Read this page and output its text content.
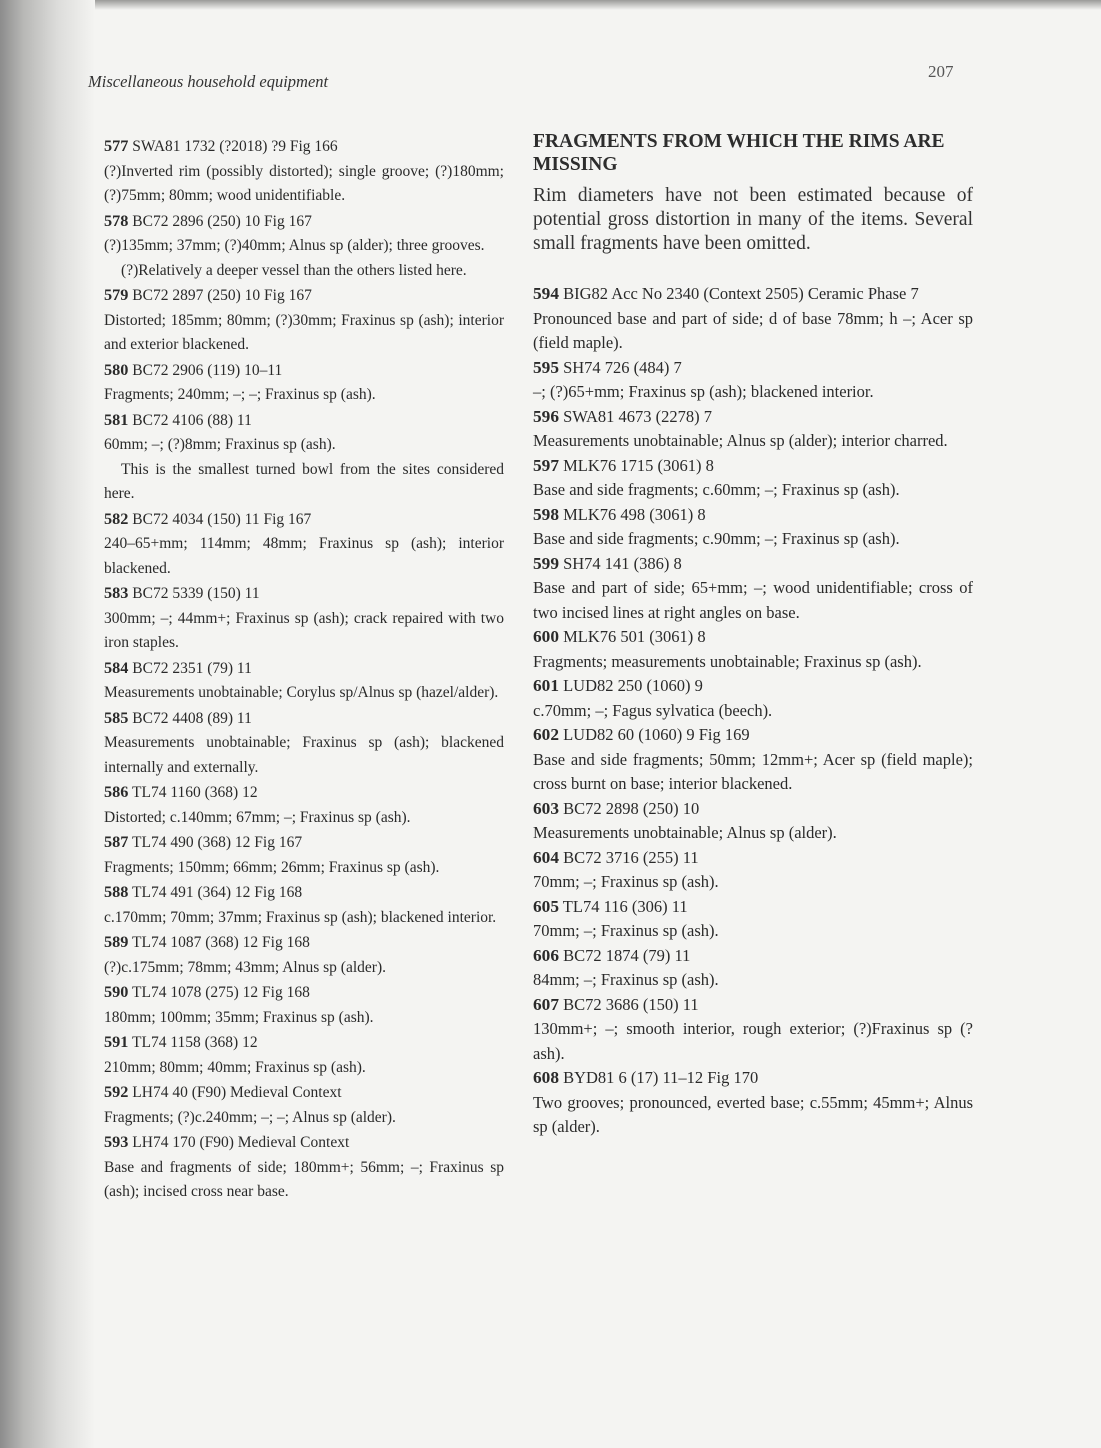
Miscellaneous household equipment
207
577 SWA81 1732 (?2018) ?9 Fig 166
(?)Inverted rim (possibly distorted); single groove; (?)180mm; (?)75mm; 80mm; wood unidentifiable.
578 BC72 2896 (250) 10 Fig 167
(?)135mm; 37mm; (?)40mm; Alnus sp (alder); three grooves.
(?)Relatively a deeper vessel than the others listed here.
579 BC72 2897 (250) 10 Fig 167
Distorted; 185mm; 80mm; (?)30mm; Fraxinus sp (ash); interior and exterior blackened.
580 BC72 2906 (119) 10–11
Fragments; 240mm; –; –; Fraxinus sp (ash).
581 BC72 4106 (88) 11
60mm; –; (?)8mm; Fraxinus sp (ash).
This is the smallest turned bowl from the sites considered here.
582 BC72 4034 (150) 11 Fig 167
240–65+mm; 114mm; 48mm; Fraxinus sp (ash); interior blackened.
583 BC72 5339 (150) 11
300mm; –; 44mm+; Fraxinus sp (ash); crack repaired with two iron staples.
584 BC72 2351 (79) 11
Measurements unobtainable; Corylus sp/Alnus sp (hazel/alder).
585 BC72 4408 (89) 11
Measurements unobtainable; Fraxinus sp (ash); blackened internally and externally.
586 TL74 1160 (368) 12
Distorted; c.140mm; 67mm; –; Fraxinus sp (ash).
587 TL74 490 (368) 12 Fig 167
Fragments; 150mm; 66mm; 26mm; Fraxinus sp (ash).
588 TL74 491 (364) 12 Fig 168
c.170mm; 70mm; 37mm; Fraxinus sp (ash); blackened interior.
589 TL74 1087 (368) 12 Fig 168
(?)c.175mm; 78mm; 43mm; Alnus sp (alder).
590 TL74 1078 (275) 12 Fig 168
180mm; 100mm; 35mm; Fraxinus sp (ash).
591 TL74 1158 (368) 12
210mm; 80mm; 40mm; Fraxinus sp (ash).
592 LH74 40 (F90) Medieval Context
Fragments; (?)c.240mm; –; –; Alnus sp (alder).
593 LH74 170 (F90) Medieval Context
Base and fragments of side; 180mm+; 56mm; –; Fraxinus sp (ash); incised cross near base.
FRAGMENTS FROM WHICH THE RIMS ARE MISSING

Rim diameters have not been estimated because of potential gross distortion in many of the items. Several small fragments have been omitted.

594 BIG82 Acc No 2340 (Context 2505) Ceramic Phase 7
Pronounced base and part of side; d of base 78mm; h –; Acer sp (field maple).
595 SH74 726 (484) 7
–; (?)65+mm; Fraxinus sp (ash); blackened interior.
596 SWA81 4673 (2278) 7
Measurements unobtainable; Alnus sp (alder); interior charred.
597 MLK76 1715 (3061) 8
Base and side fragments; c.60mm; –; Fraxinus sp (ash).
598 MLK76 498 (3061) 8
Base and side fragments; c.90mm; –; Fraxinus sp (ash).
599 SH74 141 (386) 8
Base and part of side; 65+mm; –; wood unidentifiable; cross of two incised lines at right angles on base.
600 MLK76 501 (3061) 8
Fragments; measurements unobtainable; Fraxinus sp (ash).
601 LUD82 250 (1060) 9
c.70mm; –; Fagus sylvatica (beech).
602 LUD82 60 (1060) 9 Fig 169
Base and side fragments; 50mm; 12mm+; Acer sp (field maple); cross burnt on base; interior blackened.
603 BC72 2898 (250) 10
Measurements unobtainable; Alnus sp (alder).
604 BC72 3716 (255) 11
70mm; –; Fraxinus sp (ash).
605 TL74 116 (306) 11
70mm; –; Fraxinus sp (ash).
606 BC72 1874 (79) 11
84mm; –; Fraxinus sp (ash).
607 BC72 3686 (150) 11
130mm+; –; smooth interior, rough exterior; (?)Fraxinus sp (?ash).
608 BYD81 6 (17) 11–12 Fig 170
Two grooves; pronounced, everted base; c.55mm; 45mm+; Alnus sp (alder).
